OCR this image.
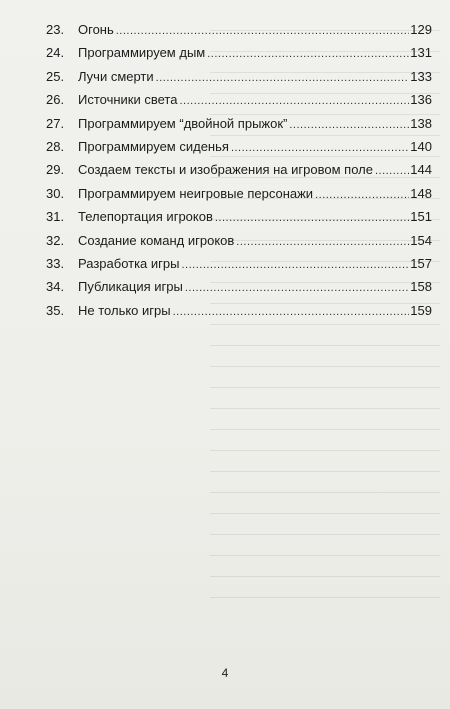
23.	Огонь .....	129
24.	Программируем дым .....	131
25.	Лучи смерти .....	133
26.	Источники света .....	136
27.	Программируем “двойной прыжок” .....	138
28.	Программируем сиденья .....	140
29.	Создаем тексты и изображения на игровом поле .....	144
30.	Программируем неигровые персонажи .....	148
31.	Телепортация игроков .....	151
32.	Создание команд игроков .....	154
33.	Разработка игры .....	157
34.	Публикация игры .....	158
35.	Не только игры .....	159
4
